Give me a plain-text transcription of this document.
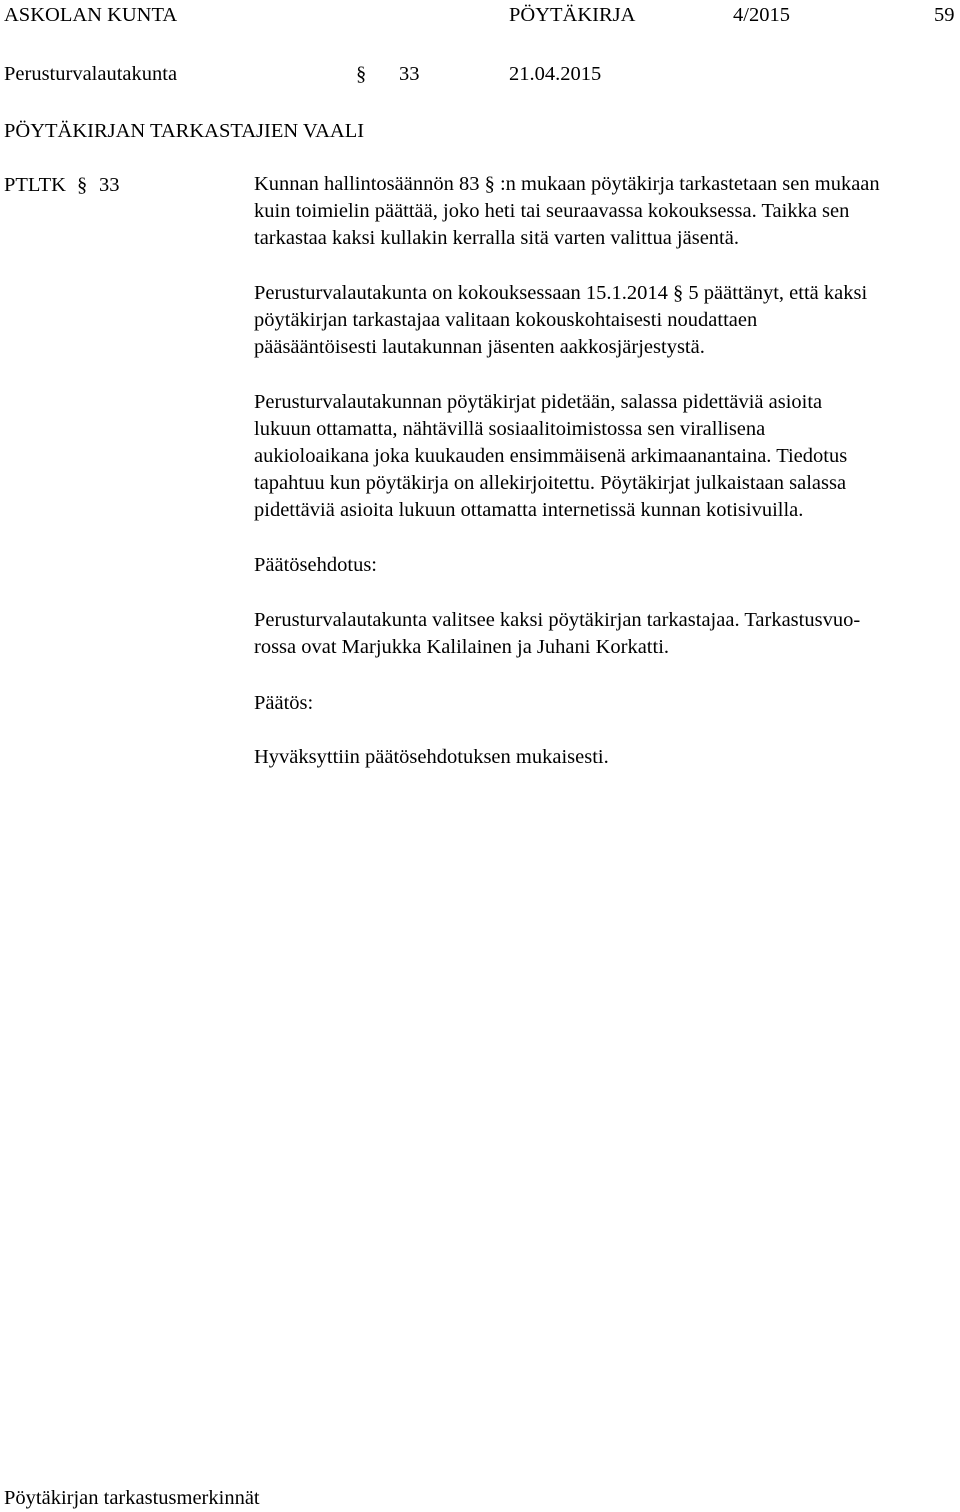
ASKOLAN KUNTA	PÖYTÄKIRJA	4/2015	59
Perusturvalautakunta	§ 33	21.04.2015
PÖYTÄKIRJAN TARKASTAJIEN VAALI
PTLTK § 33	Kunnan hallintosäännön 83 § :n mukaan pöytäkirja tarkastetaan sen mukaan
kuin toimielin päättää, joko heti tai seuraavassa kokouksessa. Taikka sen
tarkastaa kaksi kullakin kerralla sitä varten valittua jäsentä.
Perusturvalautakunta on kokouksessaan 15.1.2014 § 5 päättänyt, että kaksi
pöytäkirjan tarkastajaa valitaan kokouskohtaisesti noudattaen
pääsääntöisesti lautakunnan jäsenten aakkosjärjestystä.
Perusturvalautakunnan pöytäkirjat pidetään, salassa pidettäviä asioita
lukuun ottamatta, nähtävillä sosiaalitoimistossa sen virallisena
aukioloaikana joka kuukauden ensimmäisenä arkimaanantaina. Tiedotus
tapahtuu kun pöytäkirja on allekirjoitettu. Pöytäkirjat julkaistaan salassa
pidettäviä asioita lukuun ottamatta internetissä kunnan kotisivuilla.
Päätösehdotus:
Perusturvalautakunta valitsee kaksi pöytäkirjan tarkastajaa. Tarkastusvuo-
rossa ovat Marjukka Kalilainen ja Juhani Korkatti.
Päätös:
Hyväksyttiin päätösehdotuksen mukaisesti.
Pöytäkirjan tarkastusmerkinnät
